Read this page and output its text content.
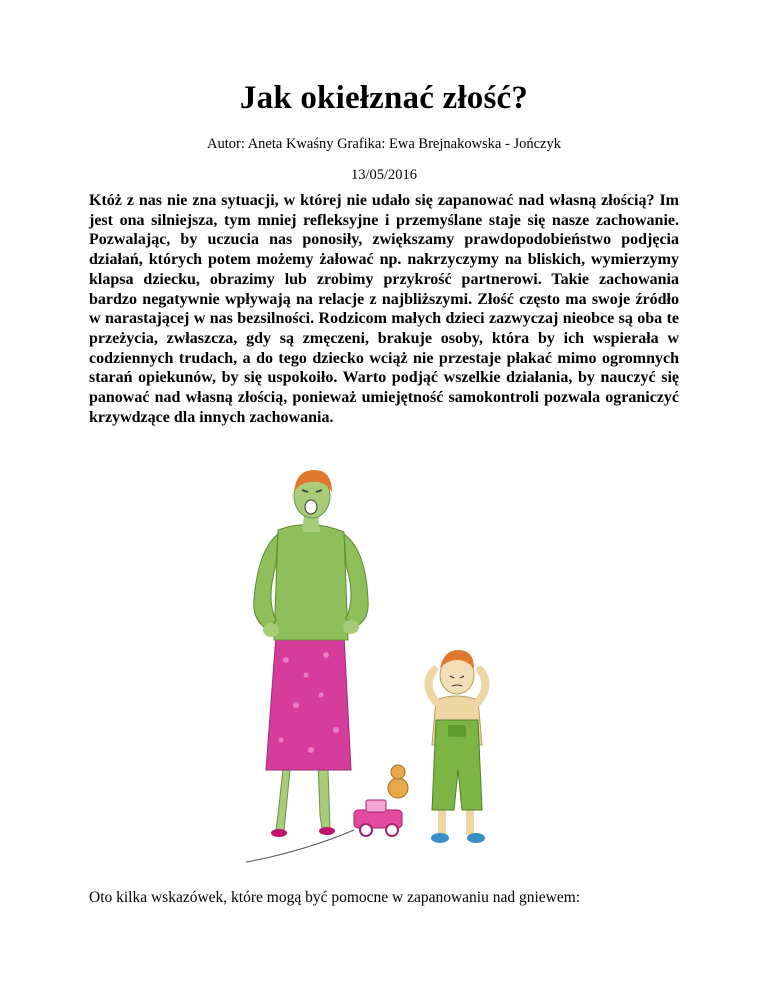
Jak okiełznać złość?
Autor: Aneta Kwaśny Grafika: Ewa Brejnakowska - Jończyk
13/05/2016
Któż z nas nie zna sytuacji, w której nie udało się zapanować nad własną złością? Im jest ona silniejsza, tym mniej refleksyjne i przemyślane staje się nasze zachowanie. Pozwalając, by uczucia nas ponosiły, zwiększamy prawdopodobieństwo podjęcia działań, których potem możemy żałować np. nakrzyczymy na bliskich, wymierzymy klapsa dziecku, obrazimy lub zrobimy przykrość partnerowi. Takie zachowania bardzo negatywnie wpływają na relacje z najbliższymi. Złość często ma swoje źródło w narastającej w nas bezsilności. Rodzicom małych dzieci zazwyczaj nieobce są oba te przeżycia, zwłaszcza, gdy są zmęczeni, brakuje osoby, która by ich wspierała w codziennych trudach, a do tego dziecko wciąż nie przestaje płakać mimo ogromnych starań opiekunów, by się uspokoiło. Warto podjąć wszelkie działania, by nauczyć się panować nad własną złością, ponieważ umiejętność samokontroli pozwala ograniczyć krzywdzące dla innych zachowania.
Oto kilka wskazówek, które mogą być pomocne w zapanowaniu nad gniewem:
